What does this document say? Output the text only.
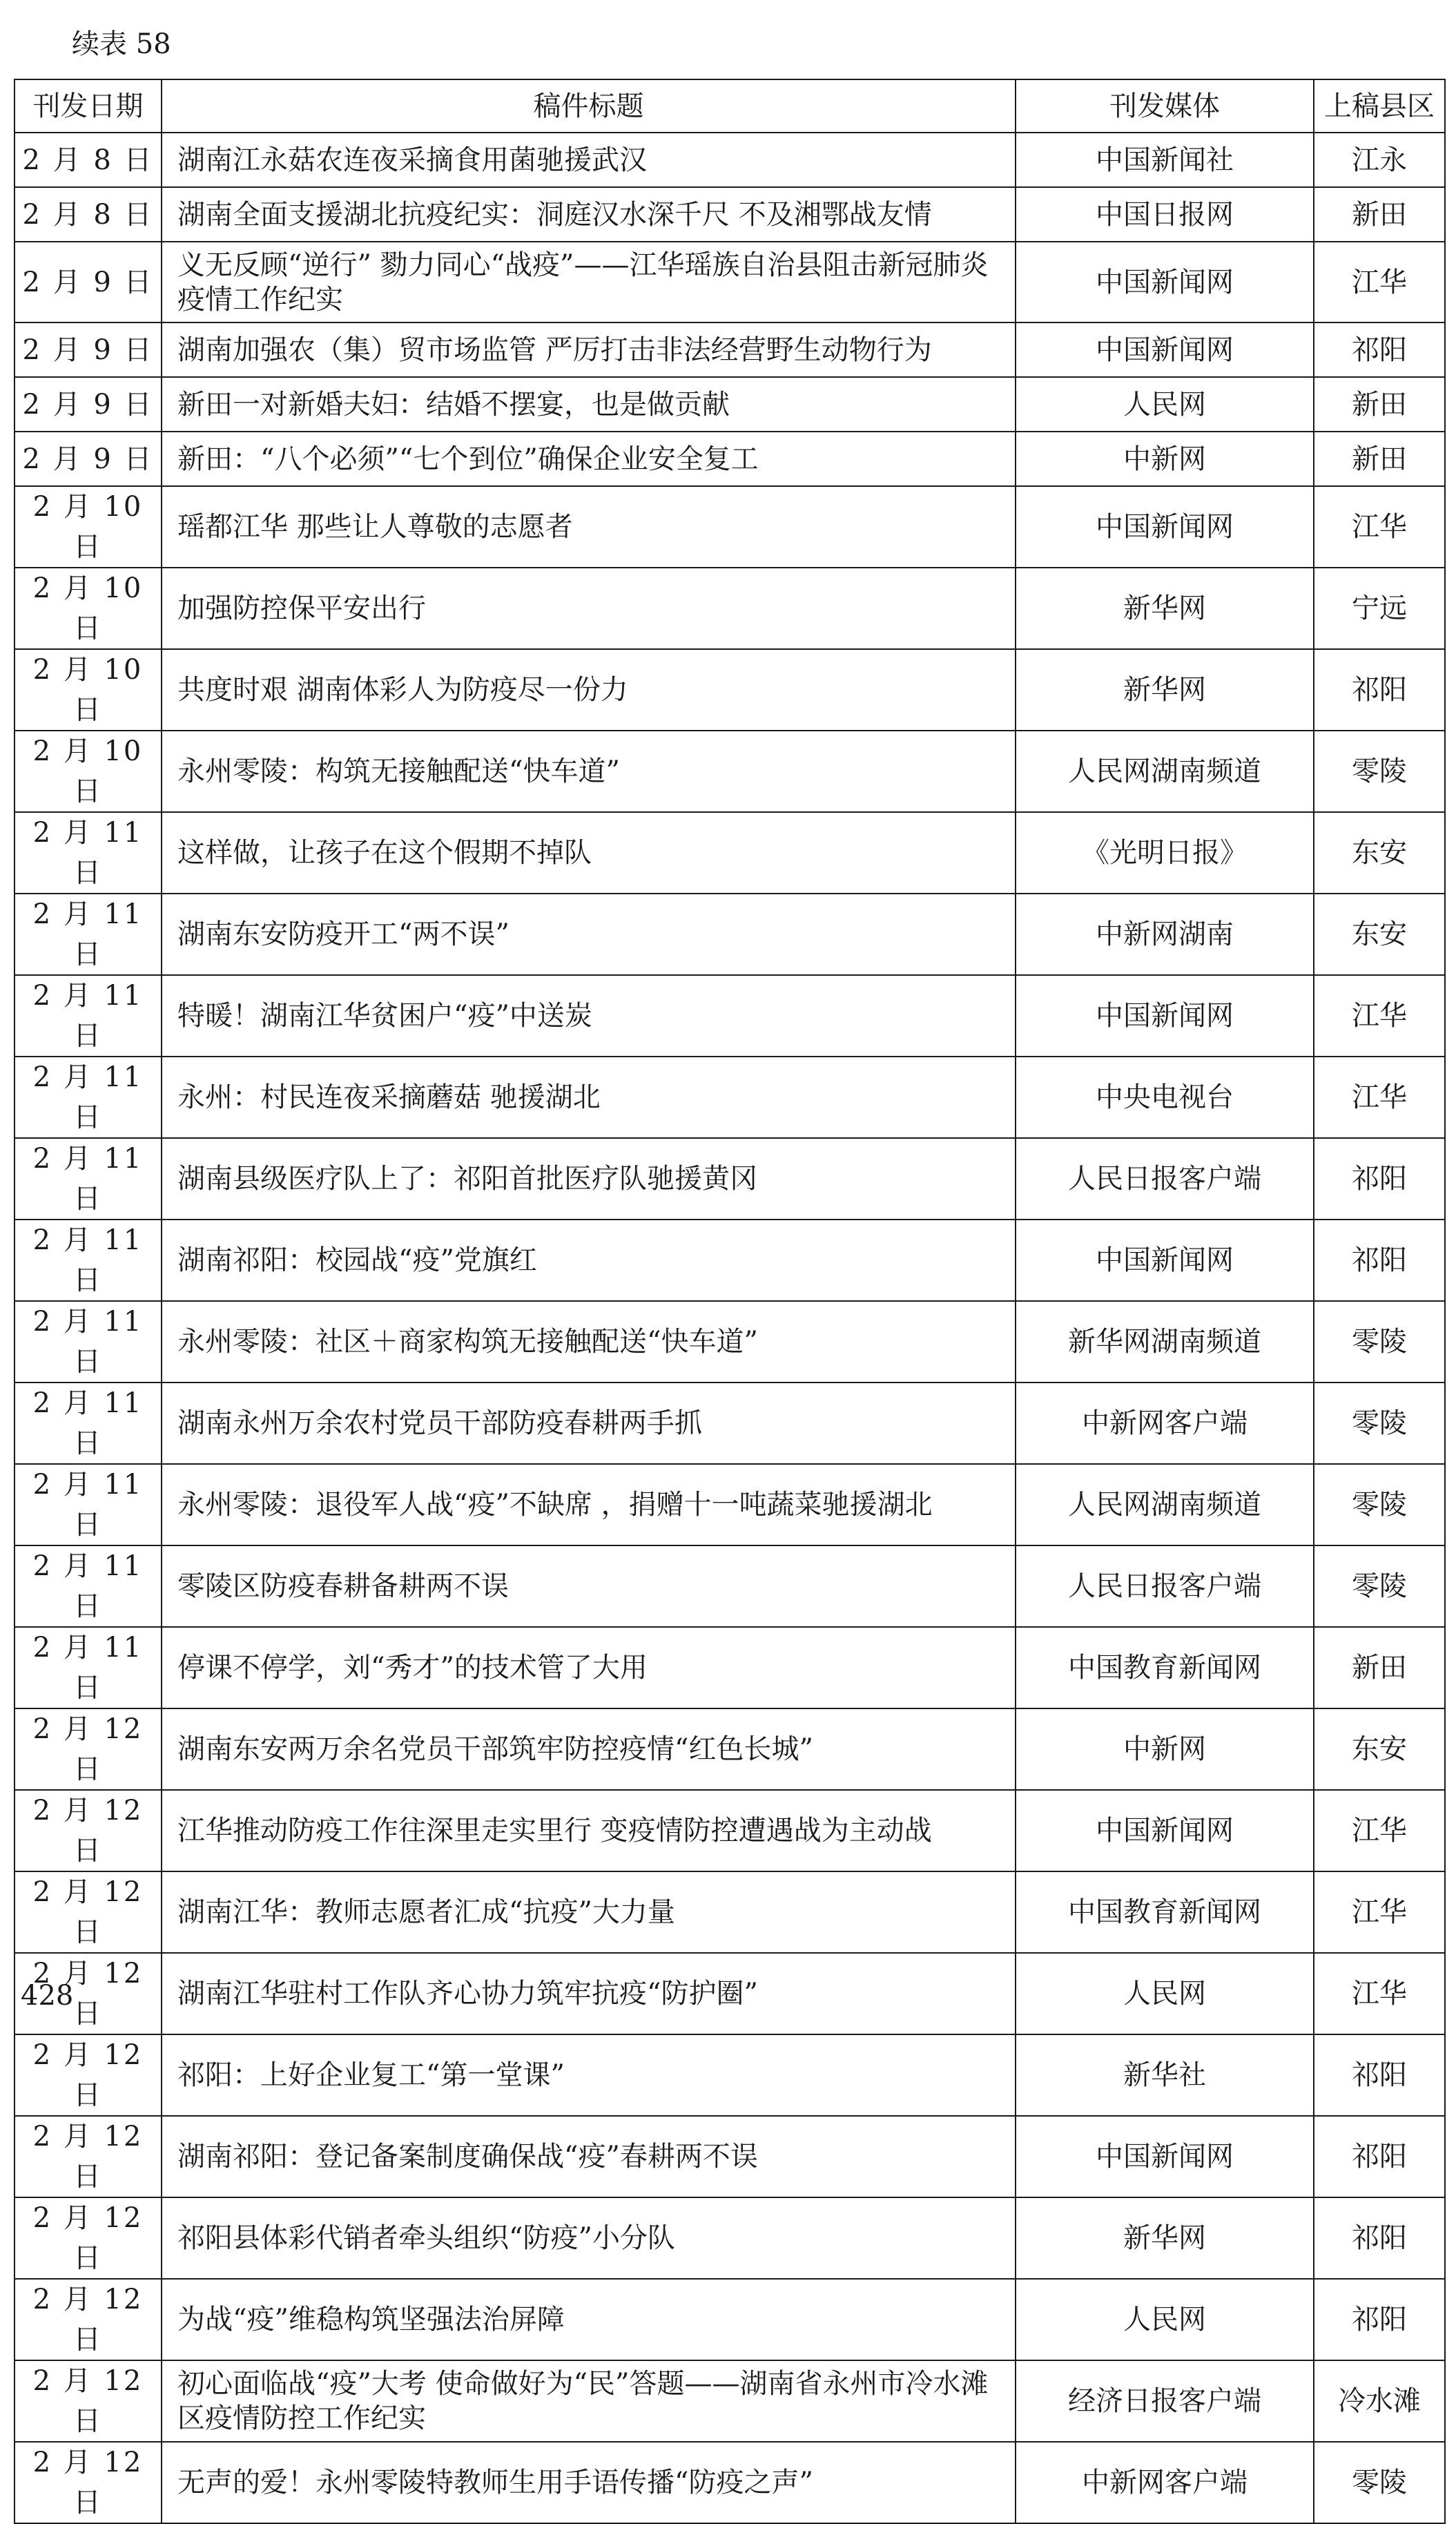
续表 58
刊发日期	稿件标题	刊发媒体	上稿县区
2 月 8 日	湖南江永菇农连夜采摘食用菌驰援武汉	中国新闻社	江永
2 月 8 日	湖南全面支援湖北抗疫纪实：洞庭汉水深千尺 不及湘鄂战友情	中国日报网	新田
2 月 9 日	义无反顾“逆行” 勠力同心“战疫”——江华瑶族自治县阻击新冠肺炎疫情工作纪实	中国新闻网	江华
2 月 9 日	湖南加强农（集）贸市场监管 严厉打击非法经营野生动物行为	中国新闻网	祁阳
2 月 9 日	新田一对新婚夫妇：结婚不摆宴，也是做贡献	人民网	新田
2 月 9 日	新田：“八个必须”“七个到位”确保企业安全复工	中新网	新田
2 月 10 日	瑶都江华 那些让人尊敬的志愿者	中国新闻网	江华
2 月 10 日	加强防控保平安出行	新华网	宁远
2 月 10 日	共度时艰 湖南体彩人为防疫尽一份力	新华网	祁阳
2 月 10 日	永州零陵：构筑无接触配送“快车道”	人民网湖南频道	零陵
2 月 11 日	这样做，让孩子在这个假期不掉队	《光明日报》	东安
2 月 11 日	湖南东安防疫开工“两不误”	中新网湖南	东安
2 月 11 日	特暖！湖南江华贫困户“疫”中送炭	中国新闻网	江华
2 月 11 日	永州：村民连夜采摘蘑菇 驰援湖北	中央电视台	江华
2 月 11 日	湖南县级医疗队上了：祁阳首批医疗队驰援黄冈	人民日报客户端	祁阳
2 月 11 日	湖南祁阳：校园战“疫”党旗红	中国新闻网	祁阳
2 月 11 日	永州零陵：社区＋商家构筑无接触配送“快车道”	新华网湖南频道	零陵
2 月 11 日	湖南永州万余农村党员干部防疫春耕两手抓	中新网客户端	零陵
2 月 11 日	永州零陵：退役军人战“疫”不缺席 ，捐赠十一吨蔬菜驰援湖北	人民网湖南频道	零陵
2 月 11 日	零陵区防疫春耕备耕两不误	人民日报客户端	零陵
2 月 11 日	停课不停学，刘“秀才”的技术管了大用	中国教育新闻网	新田
2 月 12 日	湖南东安两万余名党员干部筑牢防控疫情“红色长城”	中新网	东安
2 月 12 日	江华推动防疫工作往深里走实里行 变疫情防控遭遇战为主动战	中国新闻网	江华
2 月 12 日	湖南江华：教师志愿者汇成“抗疫”大力量	中国教育新闻网	江华
2 月 12 日	湖南江华驻村工作队齐心协力筑牢抗疫“防护圈”	人民网	江华
2 月 12 日	祁阳：上好企业复工“第一堂课”	新华社	祁阳
2 月 12 日	湖南祁阳：登记备案制度确保战“疫”春耕两不误	中国新闻网	祁阳
2 月 12 日	祁阳县体彩代销者牵头组织“防疫”小分队	新华网	祁阳
2 月 12 日	为战“疫”维稳构筑坚强法治屏障	人民网	祁阳
2 月 12 日	初心面临战“疫”大考 使命做好为“民”答题——湖南省永州市冷水滩区疫情防控工作纪实	经济日报客户端	冷水滩
2 月 12 日	无声的爱！永州零陵特教师生用手语传播“防疫之声”	中新网客户端	零陵
428
